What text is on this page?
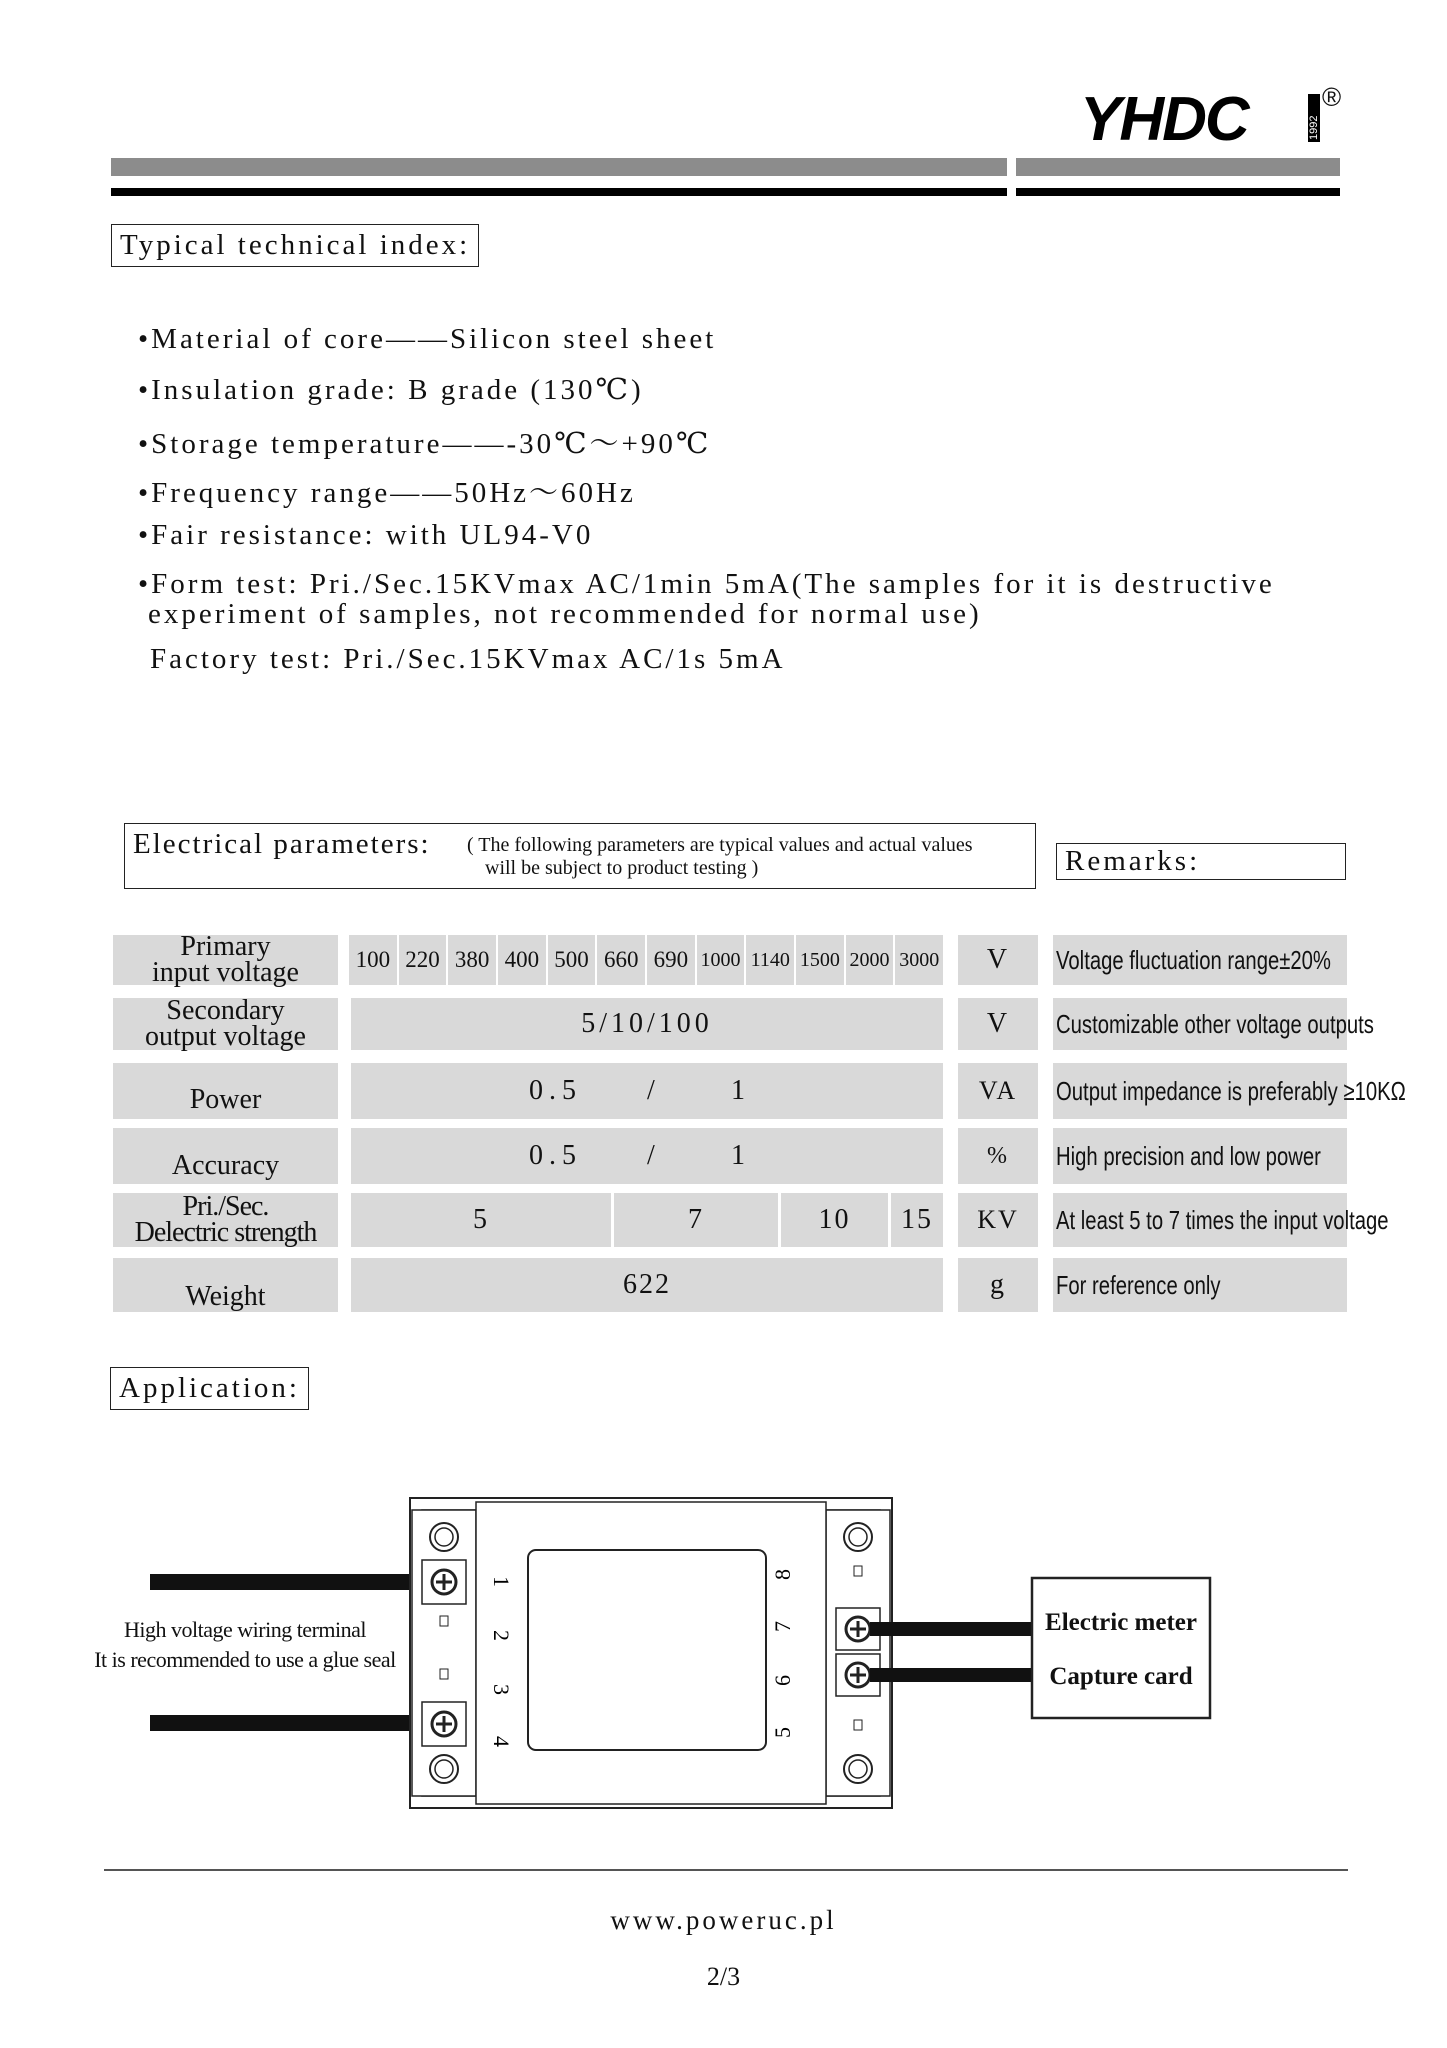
YHDC	1992
®
Typical technical index:
•Material of core——Silicon steel sheet
•Insulation grade: B grade (130℃)
•Storage temperature——-30℃～+90℃
•Frequency range——50Hz～60Hz
•Fair resistance: with UL94-V0
•Form test: Pri./Sec.15KVmax AC/1min 5mA(The samples for it is destructive
experiment of samples, not recommended for normal use)
Factory test: Pri./Sec.15KVmax AC/1s 5mA
Electrical parameters: ( The following parameters are typical values and actual values
will be subject to product testing )	Remarks:
Primary
input voltage 100 220 380 400 500 660 690 1000 1140 1500 2000 3000	V	Voltage fluctuation range±20%
Secondary
output voltage	5/10/100	V	Customizable other voltage outputs
Power	0.5 /	1	VA	Output impedance is preferably ≥10KΩ
Accuracy	0.5 /	1	%	High precision and low power
Pri./Sec.
Delectric strength	5	7	10	15	KV	At least 5 to 7 times the input voltage
Weight	622	g	For reference only
Application:
Electric meter
Capture card
1
2
3
4
8
7
6
5
High voltage wiring terminal
It is recommended to use a glue seal
www.poweruc.pl
2/3
